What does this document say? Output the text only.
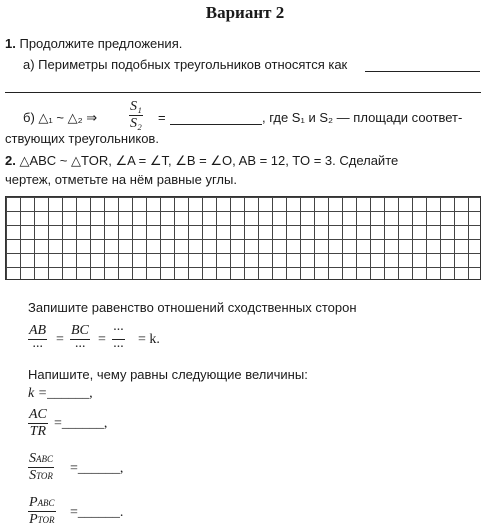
Вариант 2
1. Продолжите предложения.
а) Периметры подобных треугольников относятся как
б) △₁ ~ △₂ ⇒
S₁
S₂ =	, где S₁ и S₂ — площади соответ-
ствующих треугольников.
2. △ABC ~ △TOR, ∠A = ∠T, ∠B = ∠O, AB = 12, TO = 3. Сделайте
чертеж, отметьте на нём равные углы.
Запишите равенство отношений сходственных сторон
AB
···
=
BC
···
=
···
···
= k.
Напишите, чему равны следующие величины:
k =______,
AC
TR
=______,
SABC
STOR =______,
PABC
PTOR =______.
